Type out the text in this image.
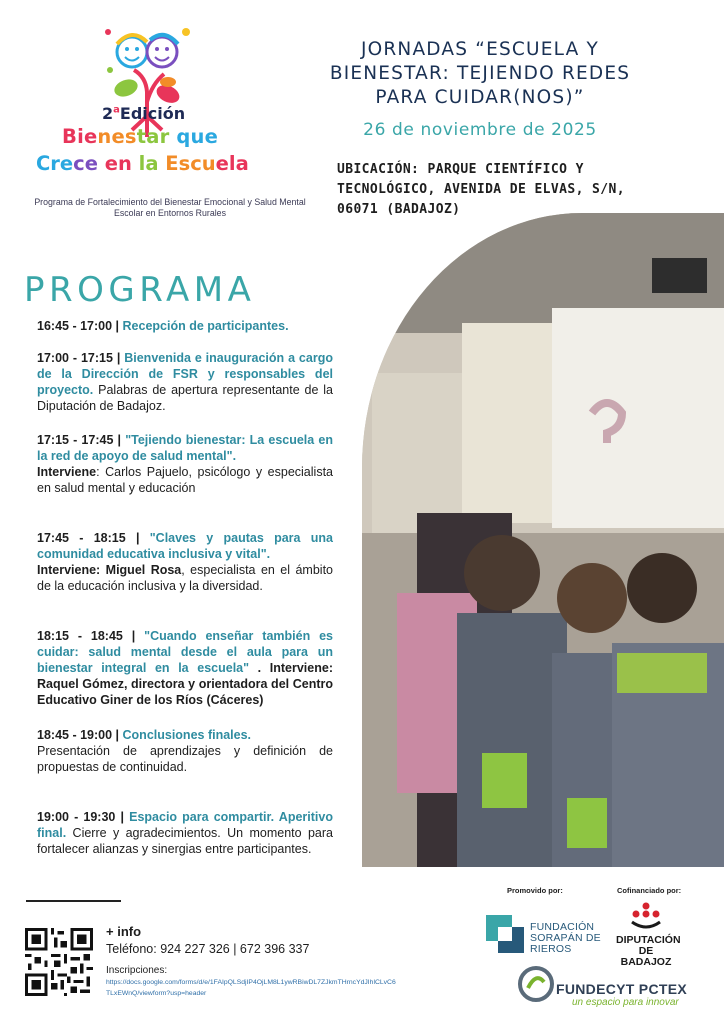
2$^a$Edición
Bienestar que
Crece en la Escuela
Programa de Fortalecimiento del Bienestar Emocional y Salud Mental Escolar en Entornos Rurales
JORNADAS “ESCUELA Y BIENESTAR: TEJIENDO REDES PARA CUIDAR(NOS)”
26 de noviembre de 2025
UBICACIÓN: PARQUE CIENTÍFICO Y TECNOLÓGICO, AVENIDA DE ELVAS, S/N, 06071 (BADAJOZ)
PROGRAMA
16:45 - 17:00 | Recepción de participantes.
17:00 - 17:15 | Bienvenida e inauguración a cargo de la Dirección de FSR y responsables del proyecto. Palabras de apertura representante de la Diputación de Badajoz.
17:15 - 17:45 | "Tejiendo bienestar: La escuela en la red de apoyo de salud mental".
Interviene: Carlos Pajuelo, psicólogo y especialista en salud mental y educación
17:45 - 18:15 | "Claves y pautas para una comunidad educativa inclusiva y vital".
Interviene: Miguel Rosa, especialista en el ámbito de la educación inclusiva y la diversidad.
18:15 - 18:45 | "Cuando enseñar también es cuidar: salud mental desde el aula para un bienestar integral en la escuela" . Interviene: Raquel Gómez, directora y orientadora del Centro Educativo Giner de los Ríos (Cáceres)
18:45 - 19:00 | Conclusiones finales.
Presentación de aprendizajes y definición de propuestas de continuidad.
19:00 - 19:30 | Espacio para compartir. Aperitivo final. Cierre y agradecimientos. Un momento para fortalecer alianzas y sinergias entre participantes.
+ info
Teléfono: 924 227 326 | 672 396 337
Inscripciones:
https://docs.google.com/forms/d/e/1FAIpQLSdjIP4OjLM8L1ywRBiwDL7ZJkmTHrncYdJIhlCLvC6TLxEWnQ/viewform?usp=header
Promovido por:	Cofinanciado por:
FUNDACIÓN
SORAPÁN DE
RIEROS
DIPUTACIÓN
DE BADAJOZ
FUNDECYT PCTEX
un espacio para innovar
